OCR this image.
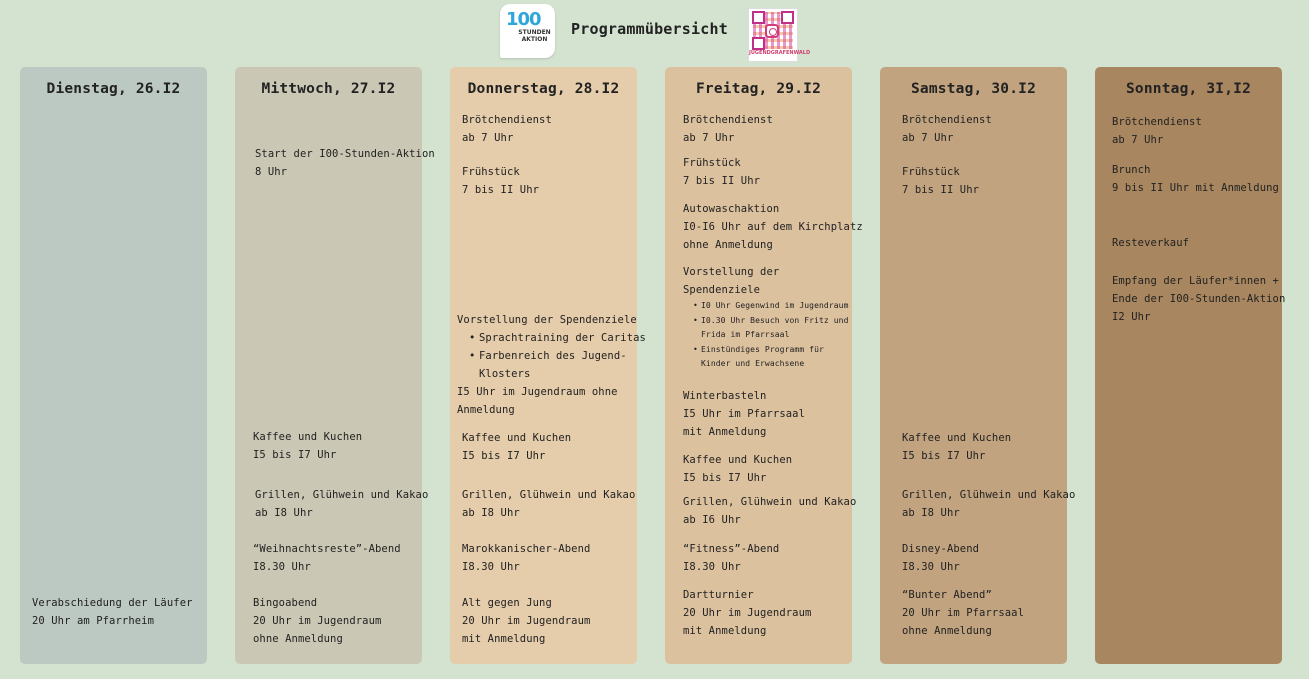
100
STUNDEN AKTION
Programmübersicht
JUGENDGRAFENWALD
Dienstag, 26.I2
Verabschiedung der Läufer
20 Uhr am Pfarrheim
Mittwoch, 27.I2
Start der I00-Stunden-Aktion
8 Uhr
Kaffee und Kuchen
I5 bis I7 Uhr
Grillen, Glühwein und Kakao
ab I8 Uhr
“Weihnachtsreste”-Abend
I8.30 Uhr
Bingoabend
20 Uhr im Jugendraum
ohne Anmeldung
Donnerstag, 28.I2
Brötchendienst
ab 7 Uhr
Frühstück
7 bis II Uhr
Vorstellung der Spendenziele
• Sprachtraining der Caritas
• Farbenreich des Jugend-
Klosters
I5 Uhr im Jugendraum ohne
Anmeldung
Kaffee und Kuchen
I5 bis I7 Uhr
Grillen, Glühwein und Kakao
ab I8 Uhr
Marokkanischer-Abend
I8.30 Uhr
Alt gegen Jung
20 Uhr im Jugendraum
mit Anmeldung
Freitag, 29.I2
Brötchendienst
ab 7 Uhr
Frühstück
7 bis II Uhr
Autowaschaktion
I0-I6 Uhr auf dem Kirchplatz
ohne Anmeldung
Vorstellung der
Spendenziele
• I0 Uhr Gegenwind im Jugendraum
• I0.30 Uhr Besuch von Fritz und
Frida im Pfarrsaal
• Einstündiges Programm für
Kinder und Erwachsene
Winterbasteln
I5 Uhr im Pfarrsaal
mit Anmeldung
Kaffee und Kuchen
I5 bis I7 Uhr
Grillen, Glühwein und Kakao
ab I6 Uhr
“Fitness”-Abend
I8.30 Uhr
Dartturnier
20 Uhr im Jugendraum
mit Anmeldung
Samstag, 30.I2
Brötchendienst
ab 7 Uhr
Frühstück
7 bis II Uhr
Kaffee und Kuchen
I5 bis I7 Uhr
Grillen, Glühwein und Kakao
ab I8 Uhr
Disney-Abend
I8.30 Uhr
“Bunter Abend”
20 Uhr im Pfarrsaal
ohne Anmeldung
Sonntag, 3I,I2
Brötchendienst
ab 7 Uhr
Brunch
9 bis II Uhr mit Anmeldung
Resteverkauf
Empfang der Läufer*innen +
Ende der I00-Stunden-Aktion
I2 Uhr
